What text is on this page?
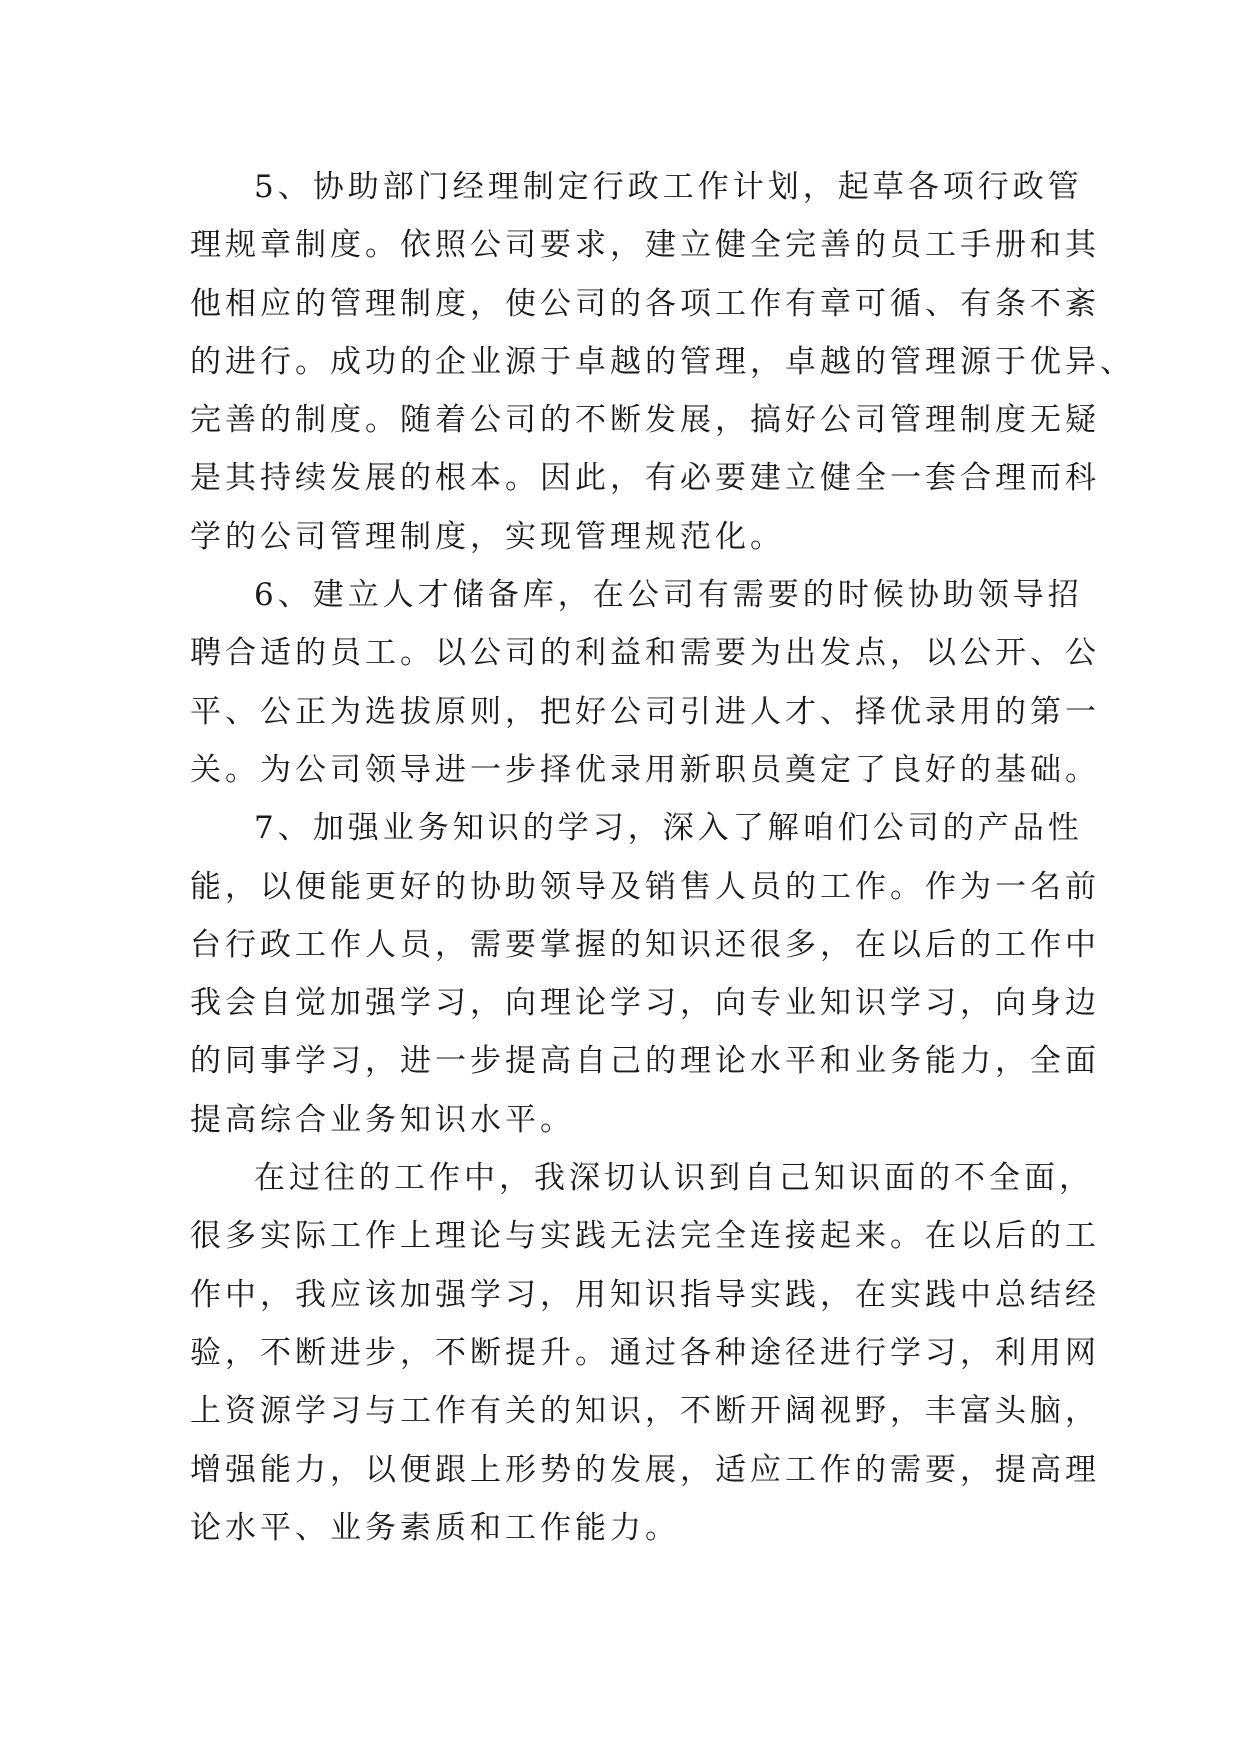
5、协助部门经理制定行政工作计划，起草各项行政管
理规章制度。依照公司要求，建立健全完善的员工手册和其
他相应的管理制度，使公司的各项工作有章可循、有条不紊
的进行。成功的企业源于卓越的管理，卓越的管理源于优异、
完善的制度。随着公司的不断发展，搞好公司管理制度无疑
是其持续发展的根本。因此，有必要建立健全一套合理而科
学的公司管理制度，实现管理规范化。
6、建立人才储备库，在公司有需要的时候协助领导招
聘合适的员工。以公司的利益和需要为出发点，以公开、公
平、公正为选拔原则，把好公司引进人才、择优录用的第一
关。为公司领导进一步择优录用新职员奠定了良好的基础。
7、加强业务知识的学习，深入了解咱们公司的产品性
能，以便能更好的协助领导及销售人员的工作。作为一名前
台行政工作人员，需要掌握的知识还很多，在以后的工作中
我会自觉加强学习，向理论学习，向专业知识学习，向身边
的同事学习，进一步提高自己的理论水平和业务能力，全面
提高综合业务知识水平。
在过往的工作中，我深切认识到自己知识面的不全面，
很多实际工作上理论与实践无法完全连接起来。在以后的工
作中，我应该加强学习，用知识指导实践，在实践中总结经
验，不断进步，不断提升。通过各种途径进行学习，利用网
上资源学习与工作有关的知识，不断开阔视野，丰富头脑，
增强能力，以便跟上形势的发展，适应工作的需要，提高理
论水平、业务素质和工作能力。
